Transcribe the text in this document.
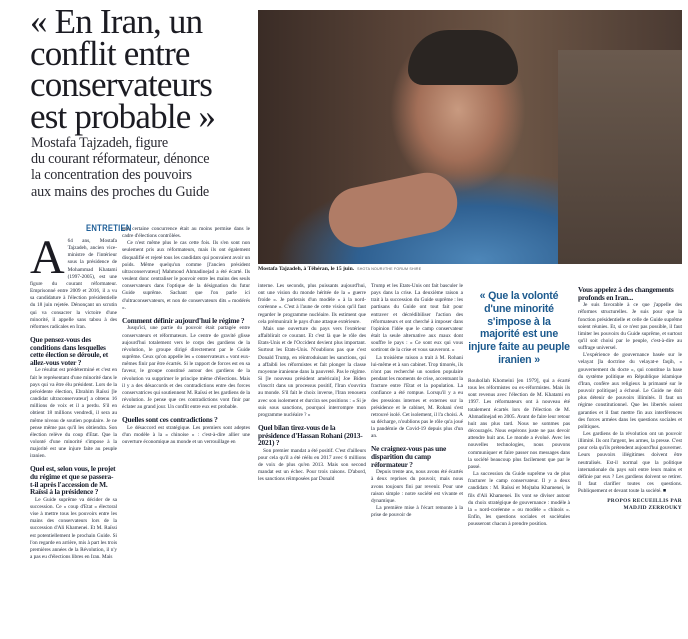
« En Iran, un
conflit entre
conservateurs
est probable »
Mostafa Tajzadeh, figure
du courant réformateur, dénonce
la concentration des pouvoirs
aux mains des proches du Guide
ENTRETIEN
Mostafa Tajzadeh, à Téhéran, le 15 juin. SHOTA NOURI/THE FORUM SHIRE

A 64 ans, Mostafa Tajzadeh, ancien vice-ministre de l'intérieur sous la présidence de Mohammad Khatami (1997-2005), est une figure du courant réformateur. Emprisonné entre 2009 et 2016, il a vu sa candidature à l'élection présidentielle du 18 juin rejetée. Dénonçant un scrutin qui va consacrer la victoire d'une minorité, il appelle sans tabou à des réformes radicales en Iran.

Que pensez-vous des conditions dans lesquelles cette élection se déroule, et allez-vous voter ?

Le résultat est prédéterminé et c'est en fait le représentant d'une minorité dans le pays qui va être élu président. Lors de la précédente élection, Ebrahim Raïssi [le candidat ultraconservateur] a obtenu 16 millions de voix et il a perdu. S'il en obtient 18 millions vendredi, il sera au même niveau de soutien populaire. Je ne pense même pas qu'il les obtiendra. Son élection relève du coup d'Etat. Que la volonté d'une minorité s'impose à la majorité est une injure faite au peuple iranien.

Quel est, selon vous, le projet du régime et que se passera-t-il après l'accession de M. Raïssi à la présidence ?

Le Guide suprême va décider de sa succession. Ce « coup d'Etat » électoral vise à mettre tous les pouvoirs entre les mains des conservateurs lors de la succession d'Ali Khamenei. Et M. Raïssi est potentiellement le prochain Guide. Si l'on regarde en arrière, mis à part les trois premières années de la Révolution, il n'y a pas eu d'élections libres en Iran. Mais

une certaine concurrence était au moins permise dans le cadre d'élections contrôlées.

Ce n'est même plus le cas cette fois. Ils s'en sont non seulement pris aux réformateurs, mais ils ont également disqualifié et rejeté tous les candidats qui pouvaient avoir un poids. Même quelqu'un comme [l'ancien président ultraconservateur] Mahmoud Ahmadinejad a été écarté. Ils veulent donc centraliser le pouvoir entre les mains des seuls conservateurs dans l'optique de la désignation du futur Guide suprême. Sachant que l'on parle ici d'ultraconservateurs, et non de conservateurs dits « modérés ».

Comment définir aujourd'hui le régime ?

Jusqu'ici, une partie du pouvoir était partagée entre conservateurs et réformateurs. Le centre de gravité glisse aujourd'hui totalement vers le corps des gardiens de la révolution, le groupe dirigé directement par le Guide suprême. Ceux qu'on appelle les « conservateurs » vont eux-mêmes finir par être écartés. Si le rapport de forces est en sa faveur, le groupe constitué autour des gardiens de la révolution va supprimer le principe même d'élections. Mais il y a des désaccords et des contradictions entre des forces conservatrices qui soutiennent M. Raïssi et les gardiens de la révolution. Je pense que ces contradictions vont finir par éclater au grand jour. Un conflit entre eux est probable.

Quelles sont ces contradictions ?

Le désaccord est stratégique. Les premiers sont adeptes d'un modèle à la « chinoise » : c'est-à-dire allier une ouverture économique au monde et un verrouillage en

interne. Les seconds, plus puissants aujourd'hui, ont une vision du monde héritée de la « guerre froide ». Je parlerais d'un modèle « à la nord-coréenne ». C'est à l'aune de cette vision qu'il faut regarder le programme nucléaire. Ils estiment que cela prémunirait le pays d'une attaque extérieure.

Mais une ouverture du pays vers l'extérieur affaiblirait ce courant. Et c'est là que le rôle des Etats-Unis et de l'Occident devient plus important. Surtout les Etats-Unis. N'oublions pas que c'est Donald Trump, en réintroduisant les sanctions, qui a affaibli les réformistes et fait plonger la classe moyenne iranienne dans la pauvreté. Pas le régime. Si [le nouveau président américain] Joe Biden s'inscrit dans un processus positif, l'Iran s'ouvrira au monde. S'il fait le choix inverse, l'Iran renouera avec son isolement et durcira ses positions : « Si je suis sous sanctions, pourquoi interromprе mon programme nucléaire ? »

Quel bilan tirez-vous de la présidence d'Hassan Rohani (2013-2021) ?

Son premier mandat a été positif. C'est d'ailleurs pour cela qu'il a été réélu en 2017 avec 6 millions de voix de plus qu'en 2013. Mais son second mandat est un échec. Pour trois raisons. D'abord, les sanctions réimposées par Donald

Trump et les Etats-Unis ont fait basculer le pays dans la crise. La deuxième raison a trait à la succession du Guide suprême : les partisans du Guide ont tout fait pour entraver et décrédibiliser l'action des réformateurs et ont cherché à imposer dans l'opinion l'idée que le camp conservateur était la seule alternative aux maux dont souffre le pays : « Ce sont eux qui vous sortiront de la crise et vous sauveront. »

La troisième raison a trait à M. Rohani lui-même et à son cabinet. Trop timorés, ils n'ont pas recherché un soutien populaire pendant les moments de crise, accentuant la fracture entre l'Etat et la population. La confiance a été rompue. Lorsqu'il y a eu des pressions internes et externes sur la présidence et le cabinet, M. Rohani s'est retrouvé isolé. Cet isolement, il l'a choisi. A sa décharge, n'oublions pas le rôle qu'a joué la pandémie de Covid-19 depuis plus d'un an.

Ne craignez-vous pas une disparition du camp réformateur ?

Depuis trente ans, nous avons été écartés à deux reprises du pouvoir, mais nous avons toujours fini par revenir. Pour une raison simple : notre société est vivante et dynamique.

La première mise à l'écart remonte à la prise de pouvoir de

« Que la volonté d'une minorité s'impose à la majorité est une injure faite au peuple iranien »

Rouhollah Khomeini [en 1979], qui a écarté tous les réformistes ou ex-réformistes. Mais ils sont revenus avec l'élection de M. Khatami en 1997. Les réformateurs ont à nouveau été totalement écartés lors de l'élection de M. Ahmadinejad en 2005. Avant de faire leur retour huit ans plus tard. Nous ne sommes pas découragés. Nous espérons juste ne pas devoir attendre huit ans. Le monde a évolué. Avec les nouvelles technologies, nous pouvons communiquer et faire passer nos messages dans la société beaucoup plus facilement que par le passé.

La succession du Guide suprême va de plus fracturer le camp conservateur. Il y a deux candidats : M. Raïssi et Mojtaba Khamenei, le fils d'Ali Khamenei. Ils vont se diviser autour du choix stratégique de gouvernance : modèle à la « nord-coréenne » ou modèle « chinois ». Enfin, les questions sociales et sociétales pousseront chacun à prendre position.

Vous appelez à des changements profonds en Iran...

Je suis favorable à ce que j'appelle des réformes structurelles. Je suis pour que la fonction présidentielle et celle de Guide suprême soient réunies. Et, si ce n'est pas possible, il faut limiter les pouvoirs du Guide suprême, et surtout qu'il soit choisi par le peuple, c'est-à-dire au suffrage universel.

L'expérience de gouvernance basée sur le velayat [la doctrine du velayat-e faqih, « gouvernement du docte », qui constitue la base du système politique en République islamique d'Iran, confère aux religieux la primauté sur le pouvoir politique] a échoué. Le Guide ne doit plus détenir de pouvoirs illimités. Il faut un régime constitutionnel. Que les libertés soient garanties et il faut mettre fin aux interférences des forces armées dans les questions sociales et politiques.

Les gardiens de la révolution ont un pouvoir illimité. Ils ont l'argent, les armes, la presse. C'est pour cela qu'ils prétendent aujourd'hui gouverner. Leurs pouvoirs illégitimes doivent être neutralisés. Est-il normal que la politique internationale du pays soit entre leurs mains et définie par eux ? Les gardiens doivent se retirer. Il faut clarifier toutes ces questions. Publiquement et devant toute la société. ■

PROPOS RECUEILLIS PAR
MADJID ZERROUKY
